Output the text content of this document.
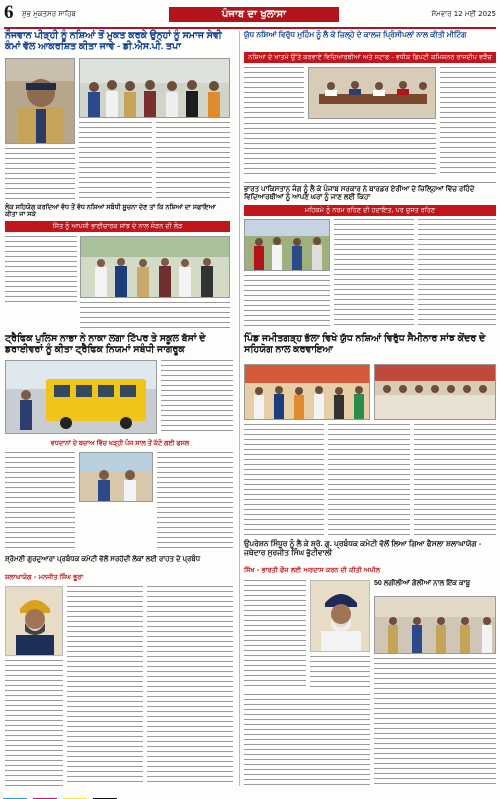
6 ਸ਼ੁਭ ਮੁਕਤਸਰ ਸਾਹਿਬ	ਪੰਜਾਬ ਦਾ ਖੁਲਾਸਾ	ਸੋਮਵਾਰ 12 ਮਈ 2025
ਨੌਜਵਾਨ ਪੀੜ੍ਹੀ ਨੂੰ ਨਸ਼ਿਆਂ ਤੋਂ ਮੁਕਤ ਕਰਕੇ ਉਨ੍ਹਾਂ ਨੂੰ ਸਮਾਜ ਸੇਵੀ ਕੰਮਾਂ ਵੱਲ ਆਕਰਸ਼ਿਤ ਕੀਤਾ ਜਾਵੇ - ਡੀ.ਐਸ.ਪੀ. ਤਪਾ
ਲੋਕ ਸਹਿਯੋਗ ਕਰਦਿਆਂ ਵੱਧ ਤੋਂ ਵੱਧ ਨਸ਼ਿਆਂ ਸਬੰਧੀ ਸੂਚਨਾ ਦੇਣ ਤਾਂ ਕਿ ਨਸ਼ਿਆਂ ਦਾ ਸਫਾਇਆ ਕੀਤਾ ਜਾ ਸਕੇ
ਜਿੱਤ ਨੂੰ ਆਪਸੀ ਭਾਈਚਾਰਕ ਸਾਂਝ ਦੇ ਨਾਲ ਜੋੜਨ ਦੀ ਲੋੜ
ਟ੍ਰੈਫਿਕ ਪੁਲਿਸ ਨਾਭਾ ਨੇ ਨਾਕਾ ਲਗਾ ਟਿੱਪਰ ਤੇ ਸਕੂਲ ਬੱਸਾਂ ਦੇ ਡਰਾਈਵਰਾਂ ਨੂੰ ਕੀਤਾ ਟ੍ਰੈਫਿਕ ਨਿਯਮਾਂ ਸਬੰਧੀ ਜਾਗਰੂਕ
ਵਧਦਾਨਾਂ ਦੇ ਬਚਾਅ ਵਿੱਚ ਖੜ੍ਹੀ ਪੰਜ ਸਾਲ ਤੋਂ ਕੱਟੋ ਗਈ ਫਸਲ
ਸ਼੍ਰੋਮਣੀ ਗੁਰਦੁਆਰਾ ਪ੍ਰਬੰਧਕ ਕਮੇਟੀ ਵੱਲੋਂ ਸਰਹੱਦੀ ਲੋਕਾਂ ਲਈ ਰਾਹਤ ਦੇ ਪ੍ਰਬੰਧ
ਸ਼ਲਾਘਾਯੋਗ - ਮਨਜੀਤ ਸਿੰਘ ਭੂਰਾ
ਯੁੱਧ ਨਸ਼ਿਆਂ ਵਿਰੁੱਧ ਮੁਹਿੰਮ ਨੂੰ ਲੈ ਕੇ ਜ਼ਿਲ੍ਹੇ ਦੇ ਕਾਲਜ ਪ੍ਰਿੰਸੀਪਲਾਂ ਨਾਲ ਕੀਤੀ ਮੀਟਿੰਗ
ਨਸ਼ਿਆਂ ਦੇ ਖਾਤਮੇ ਉੱਤੇ ਕਰਵਾਏ ਵਿਦਿਆਰਥੀਆਂ ਅਤੇ ਸਟਾਫ - ਵਧੀਕ ਡਿਪਟੀ ਕਮਿਸ਼ਨਰ ਰਾਜਦੀਪ ਵੜੈਚ
ਭਾਰਤ ਪਾਕਿਸਤਾਨ ਜੰਗ ਨੂੰ ਲੈ ਕੇ ਪੰਜਾਬ ਸਰਕਾਰ ਨੇ ਬਾਰਡਰ ਏਰੀਆ ਦੇ ਜ਼ਿਲ੍ਹਿਆਂ ਵਿੱਚ ਰਹਿੰਦੇ ਵਿਦਿਆਰਥੀਆਂ ਨੂੰ ਆਪਣੇ ਘਰਾਂ ਨੂੰ ਜਾਣ ਲਈ ਕਿਹਾ
ਮਹਿਕਮੇ ਨੂੰ ਨਰਮ ਰਹਿਣ ਦੀ ਹਦਾਇਤ, ਪਰ ਚੁਸਤ ਰਹਿਣ
ਪਿੰਡ ਜਮੀਤਗੜ੍ਹ ਭੱਲਾ ਵਿਖੇ ਯੁੱਧ ਨਸ਼ਿਆਂ ਵਿਰੁੱਧ ਸੈਮੀਨਾਰ ਸਾਂਝ ਕੇਂਦਰ ਦੇ ਸਹਿਯੋਗ ਨਾਲ ਕਰਵਾਇਆ
ਉਪਰੇਸ਼ਨ ਸਿੰਧੂਰ ਨੂੰ ਲੈ ਕੇ ਸ਼੍ਰੋ. ਗੁ. ਪ੍ਰਬੰਧਕ ਕਮੇਟੀ ਵੱਲੋਂ ਲਿਆ ਗਿਆ ਫੈਸਲਾ ਸ਼ਲਾਘਾਯੋਗ - ਜਥੇਦਾਰ ਸੁਰਜੀਤ ਸਿੰਘ ਭੁੱਟੀਵਾਲੀ
ਸਿੱਖ - ਭਾਰਤੀ ਫੌਜ ਲਈ ਅਰਦਾਸ ਕਰਨ ਦੀ ਕੀਤੀ ਅਪੀਲ
50 ਲਗੀਲੀਆਂ ਗੋਲੀਆਂ ਨਾਲ ਇੱਕ ਕਾਬੂ
